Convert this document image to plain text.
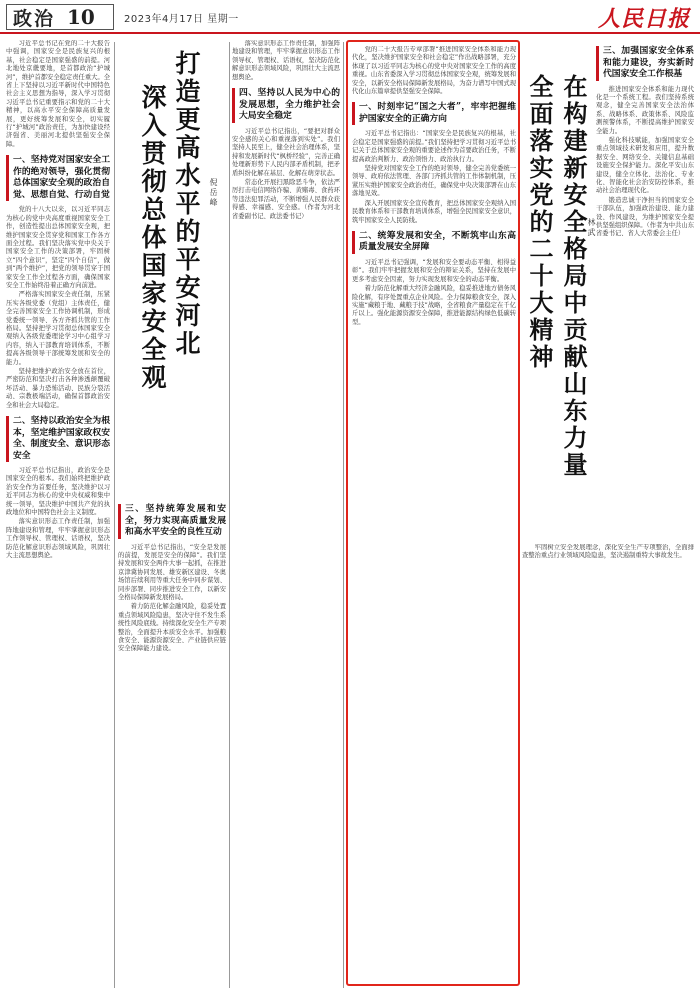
政治 10	2023年4月17日 星期一	人民日报

习近平总书记在党的二十大报告中强调，国家安全是民族复兴的根基，社会稳定是国家强盛的前提。河北地处京畿要地，是首都政治“护城河”，维护首都安全稳定责任重大。全省上下坚持以习近平新时代中国特色社会主义思想为指导，深入学习贯彻习近平总书记重要指示和党的二十大精神，以高水平安全保障高质量发展，更好统筹发展和安全，切实履行“护城河”政治责任，为加快建设经济强省、美丽河北提供坚强安全保障。

一、坚持党对国家安全工作的绝对领导，强化贯彻总体国家安全观的政治自觉、思想自觉、行动自觉

党的十八大以来，以习近平同志为核心的党中央高度重视国家安全工作，创造性提出总体国家安全观，把维护国家安全贯穿党和国家工作各方面全过程。我们坚决落实党中央关于国家安全工作的决策部署，牢固树立“四个意识”，坚定“四个自信”，做到“两个维护”，把党的领导贯穿于国家安全工作全过程各方面，确保国家安全工作始终沿着正确方向前进。

严格落实国家安全责任制，压紧压实各级党委（党组）主体责任，健全完善国家安全工作协调机制，形成党委统一领导、各方齐抓共管的工作格局。坚持把学习贯彻总体国家安全观纳入各级党委理论学习中心组学习内容，纳入干部教育培训体系，不断提高各级领导干部统筹发展和安全的能力。

坚持把维护政治安全放在首位，严密防范和坚决打击各种渗透颠覆破坏活动、暴力恐怖活动、民族分裂活动、宗教极端活动，确保首都政治安全和社会大局稳定。

二、坚持以政治安全为根本，坚定维护国家政权安全、制度安全、意识形态安全

习近平总书记指出，政治安全是国家安全的根本。我们始终把维护政治安全作为首要任务，坚决维护以习近平同志为核心的党中央权威和集中统一领导，坚决维护中国共产党的执政地位和中国特色社会主义制度。

落实意识形态工作责任制，加强阵地建设和管理，牢牢掌握意识形态工作领导权、管理权、话语权，坚决防范化解意识形态领域风险，巩固壮大主流思想舆论。

打造更高水平的平安河北
深入贯彻总体国家安全观	倪岳峰
三、坚持统筹发展和安全，努力实现高质量发展和高水平安全的良性互动

习近平总书记指出，“安全是发展的前提，发展是安全的保障”。我们坚持发展和安全两件大事一起抓，在推进京津冀协同发展、雄安新区建设、冬奥场馆后续利用等重大任务中同步谋划、同步部署、同步推进安全工作，以新安全格局保障新发展格局。

着力防范化解金融风险，稳妥处置重点领域风险隐患，坚决守住不发生系统性风险底线。持续深化安全生产专项整治，全面提升本质安全水平。加强粮食安全、能源资源安全、产业链供应链安全保障能力建设。

落实意识形态工作责任制，加强阵地建设和管理，牢牢掌握意识形态工作领导权、管理权、话语权，坚决防范化解意识形态领域风险，巩固壮大主流思想舆论。

四、坚持以人民为中心的发展思想，全力维护社会大局安全稳定

习近平总书记指出，“要把对群众安全感的关心和重视落到实处”。我们坚持人民至上，健全社会治理体系，坚持和发展新时代“枫桥经验”，完善正确处理新形势下人民内部矛盾机制，把矛盾纠纷化解在基层、化解在萌芽状态。

常态化开展扫黑除恶斗争，依法严厉打击电信网络诈骗、黄赌毒、食药环等违法犯罪活动，不断增强人民群众获得感、幸福感、安全感。（作者为河北省委副书记、政法委书记）

党的二十大报告专章部署“推进国家安全体系和能力现代化，坚决维护国家安全和社会稳定”作出战略部署，充分体现了以习近平同志为核心的党中央对国家安全工作的高度重视。山东省委深入学习贯彻总体国家安全观，统筹发展和安全，以新安全格局保障新发展格局，为奋力谱写中国式现代化山东篇章提供坚强安全保障。

一、时刻牢记“国之大者”，牢牢把握维护国家安全的正确方向

习近平总书记指出：“国家安全是民族复兴的根基，社会稳定是国家强盛的前提。”我们坚持把学习贯彻习近平总书记关于总体国家安全观的重要论述作为首要政治任务，不断提高政治判断力、政治领悟力、政治执行力。

坚持党对国家安全工作的绝对领导，健全完善党委统一领导、政府依法管理、各部门齐抓共管的工作体制机制，压紧压实维护国家安全政治责任，确保党中央决策部署在山东落地见效。

深入开展国家安全宣传教育，把总体国家安全观纳入国民教育体系和干部教育培训体系，增强全民国家安全意识，筑牢国家安全人民防线。

二、统筹发展和安全，不断筑牢山东高质量发展安全屏障

习近平总书记强调，“发展和安全要动态平衡、相得益彰”。我们牢牢把握发展和安全的辩证关系，坚持在发展中更多考虑安全因素，努力实现发展和安全的动态平衡。

着力防范化解重大经济金融风险，稳妥推进地方债务风险化解，有序处置重点企业风险。全力保障粮食安全，深入实施“藏粮于地、藏粮于技”战略，全省粮食产量稳定在千亿斤以上。强化能源资源安全保障，推进能源结构绿色低碳转型。	在构建新安全格局中贡献山东力量
全面落实党的二十大精神	林武

牢固树立安全发展理念，深化安全生产专项整治，全面排查整治重点行业领域风险隐患，坚决遏制重特大事故发生。

三、加强国家安全体系和能力建设，夯实新时代国家安全工作根基

推进国家安全体系和能力现代化是一个系统工程。我们坚持系统观念，健全完善国家安全法治体系、战略体系、政策体系、风险监测预警体系，不断提高维护国家安全能力。

强化科技赋能，加强国家安全重点领域技术研发和应用，提升数据安全、网络安全、关键信息基础设施安全保护能力。深化平安山东建设，健全立体化、法治化、专业化、智能化社会治安防控体系，推动社会治理现代化。

锻造忠诚干净担当的国家安全干部队伍，加强政治建设、能力建设、作风建设，为维护国家安全提供坚强组织保障。（作者为中共山东省委书记、省人大常委会主任）
